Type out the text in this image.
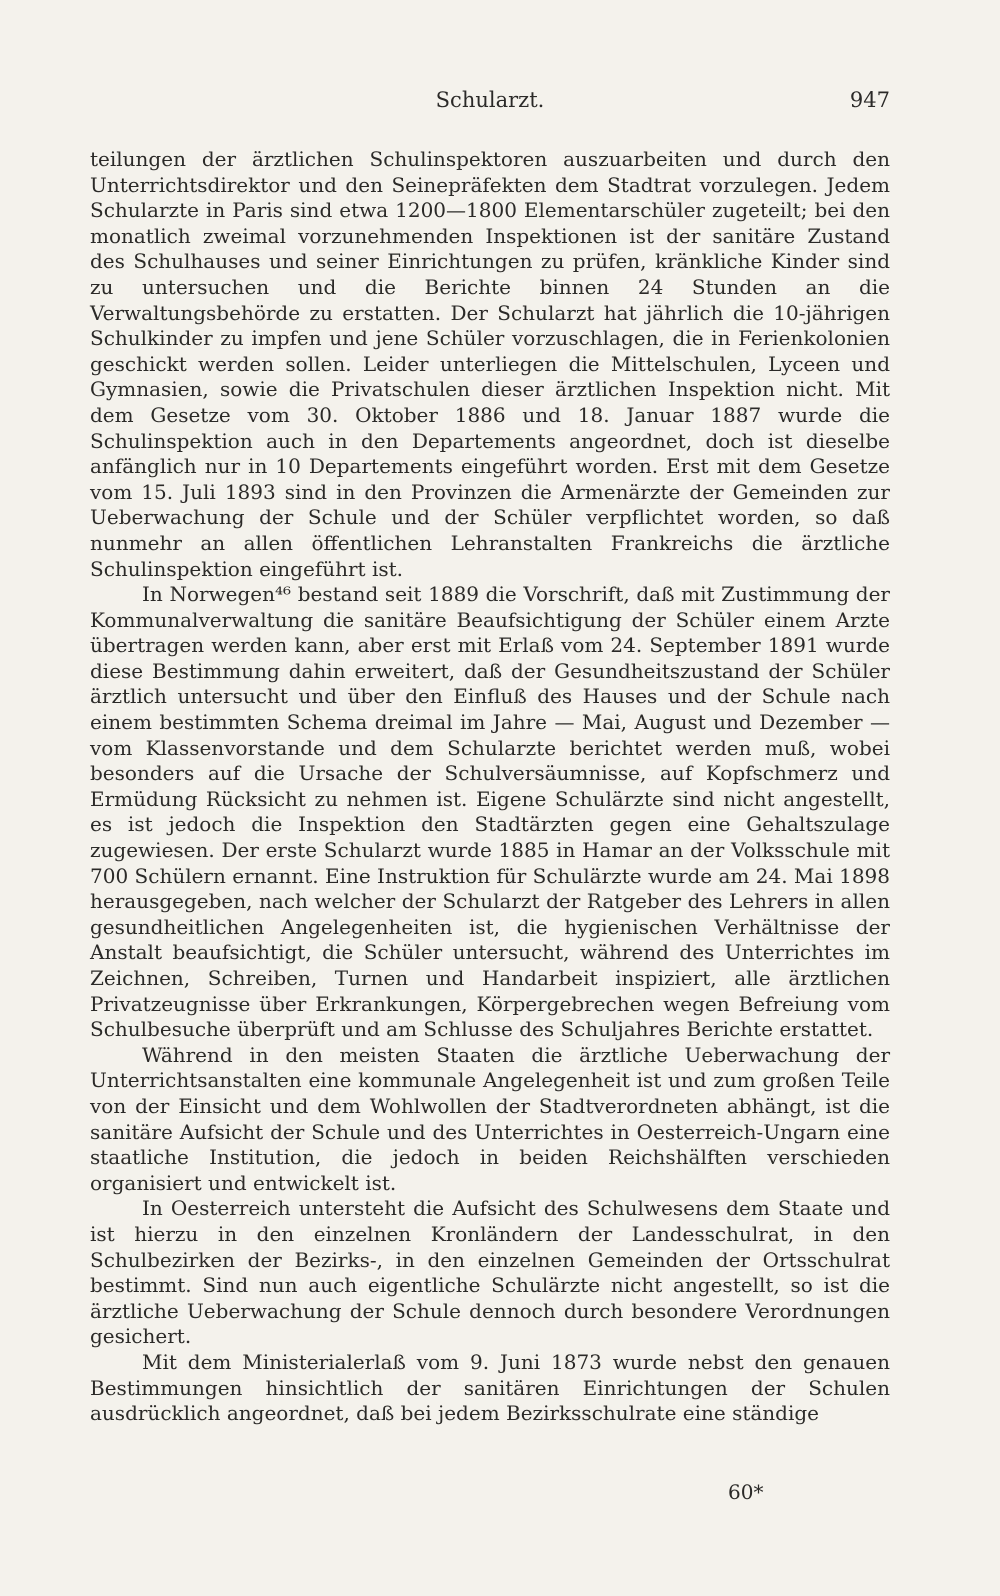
Schularzt.	947

teilungen der ärztlichen Schulinspektoren auszuarbeiten und durch den Unterrichtsdirektor und den Seinepräfekten dem Stadtrat vorzulegen. Jedem Schularzte in Paris sind etwa 1200—1800 Elementarschüler zugeteilt; bei den monatlich zweimal vorzunehmenden Inspektionen ist der sanitäre Zustand des Schulhauses und seiner Einrichtungen zu prüfen, kränkliche Kinder sind zu untersuchen und die Berichte binnen 24 Stunden an die Verwaltungsbehörde zu erstatten. Der Schularzt hat jährlich die 10-jährigen Schulkinder zu impfen und jene Schüler vorzuschlagen, die in Ferienkolonien geschickt werden sollen. Leider unterliegen die Mittelschulen, Lyceen und Gymnasien, sowie die Privatschulen dieser ärztlichen Inspektion nicht. Mit dem Gesetze vom 30. Oktober 1886 und 18. Januar 1887 wurde die Schulinspektion auch in den Departements angeordnet, doch ist dieselbe anfänglich nur in 10 Departements eingeführt worden. Erst mit dem Gesetze vom 15. Juli 1893 sind in den Provinzen die Armenärzte der Gemeinden zur Ueberwachung der Schule und der Schüler verpflichtet worden, so daß nunmehr an allen öffentlichen Lehranstalten Frankreichs die ärztliche Schulinspektion eingeführt ist.

In Norwegen⁴⁶ bestand seit 1889 die Vorschrift, daß mit Zustimmung der Kommunalverwaltung die sanitäre Beaufsichtigung der Schüler einem Arzte übertragen werden kann, aber erst mit Erlaß vom 24. September 1891 wurde diese Bestimmung dahin erweitert, daß der Gesundheitszustand der Schüler ärztlich untersucht und über den Einfluß des Hauses und der Schule nach einem bestimmten Schema dreimal im Jahre — Mai, August und Dezember — vom Klassenvorstande und dem Schularzte berichtet werden muß, wobei besonders auf die Ursache der Schulversäumnisse, auf Kopfschmerz und Ermüdung Rücksicht zu nehmen ist. Eigene Schulärzte sind nicht angestellt, es ist jedoch die Inspektion den Stadtärzten gegen eine Gehaltszulage zugewiesen. Der erste Schularzt wurde 1885 in Hamar an der Volksschule mit 700 Schülern ernannt. Eine Instruktion für Schulärzte wurde am 24. Mai 1898 herausgegeben, nach welcher der Schularzt der Ratgeber des Lehrers in allen gesundheitlichen Angelegenheiten ist, die hygienischen Verhältnisse der Anstalt beaufsichtigt, die Schüler untersucht, während des Unterrichtes im Zeichnen, Schreiben, Turnen und Handarbeit inspiziert, alle ärztlichen Privatzeugnisse über Erkrankungen, Körpergebrechen wegen Befreiung vom Schulbesuche überprüft und am Schlusse des Schuljahres Berichte erstattet.

Während in den meisten Staaten die ärztliche Ueberwachung der Unterrichtsanstalten eine kommunale Angelegenheit ist und zum großen Teile von der Einsicht und dem Wohlwollen der Stadtverordneten abhängt, ist die sanitäre Aufsicht der Schule und des Unterrichtes in Oesterreich-Ungarn eine staatliche Institution, die jedoch in beiden Reichshälften verschieden organisiert und entwickelt ist.

In Oesterreich untersteht die Aufsicht des Schulwesens dem Staate und ist hierzu in den einzelnen Kronländern der Landesschulrat, in den Schulbezirken der Bezirks-, in den einzelnen Gemeinden der Ortsschulrat bestimmt. Sind nun auch eigentliche Schulärzte nicht angestellt, so ist die ärztliche Ueberwachung der Schule dennoch durch besondere Verordnungen gesichert.

Mit dem Ministerialerlaß vom 9. Juni 1873 wurde nebst den genauen Bestimmungen hinsichtlich der sanitären Einrichtungen der Schulen ausdrücklich angeordnet, daß bei jedem Bezirksschulrate eine ständige

60*
